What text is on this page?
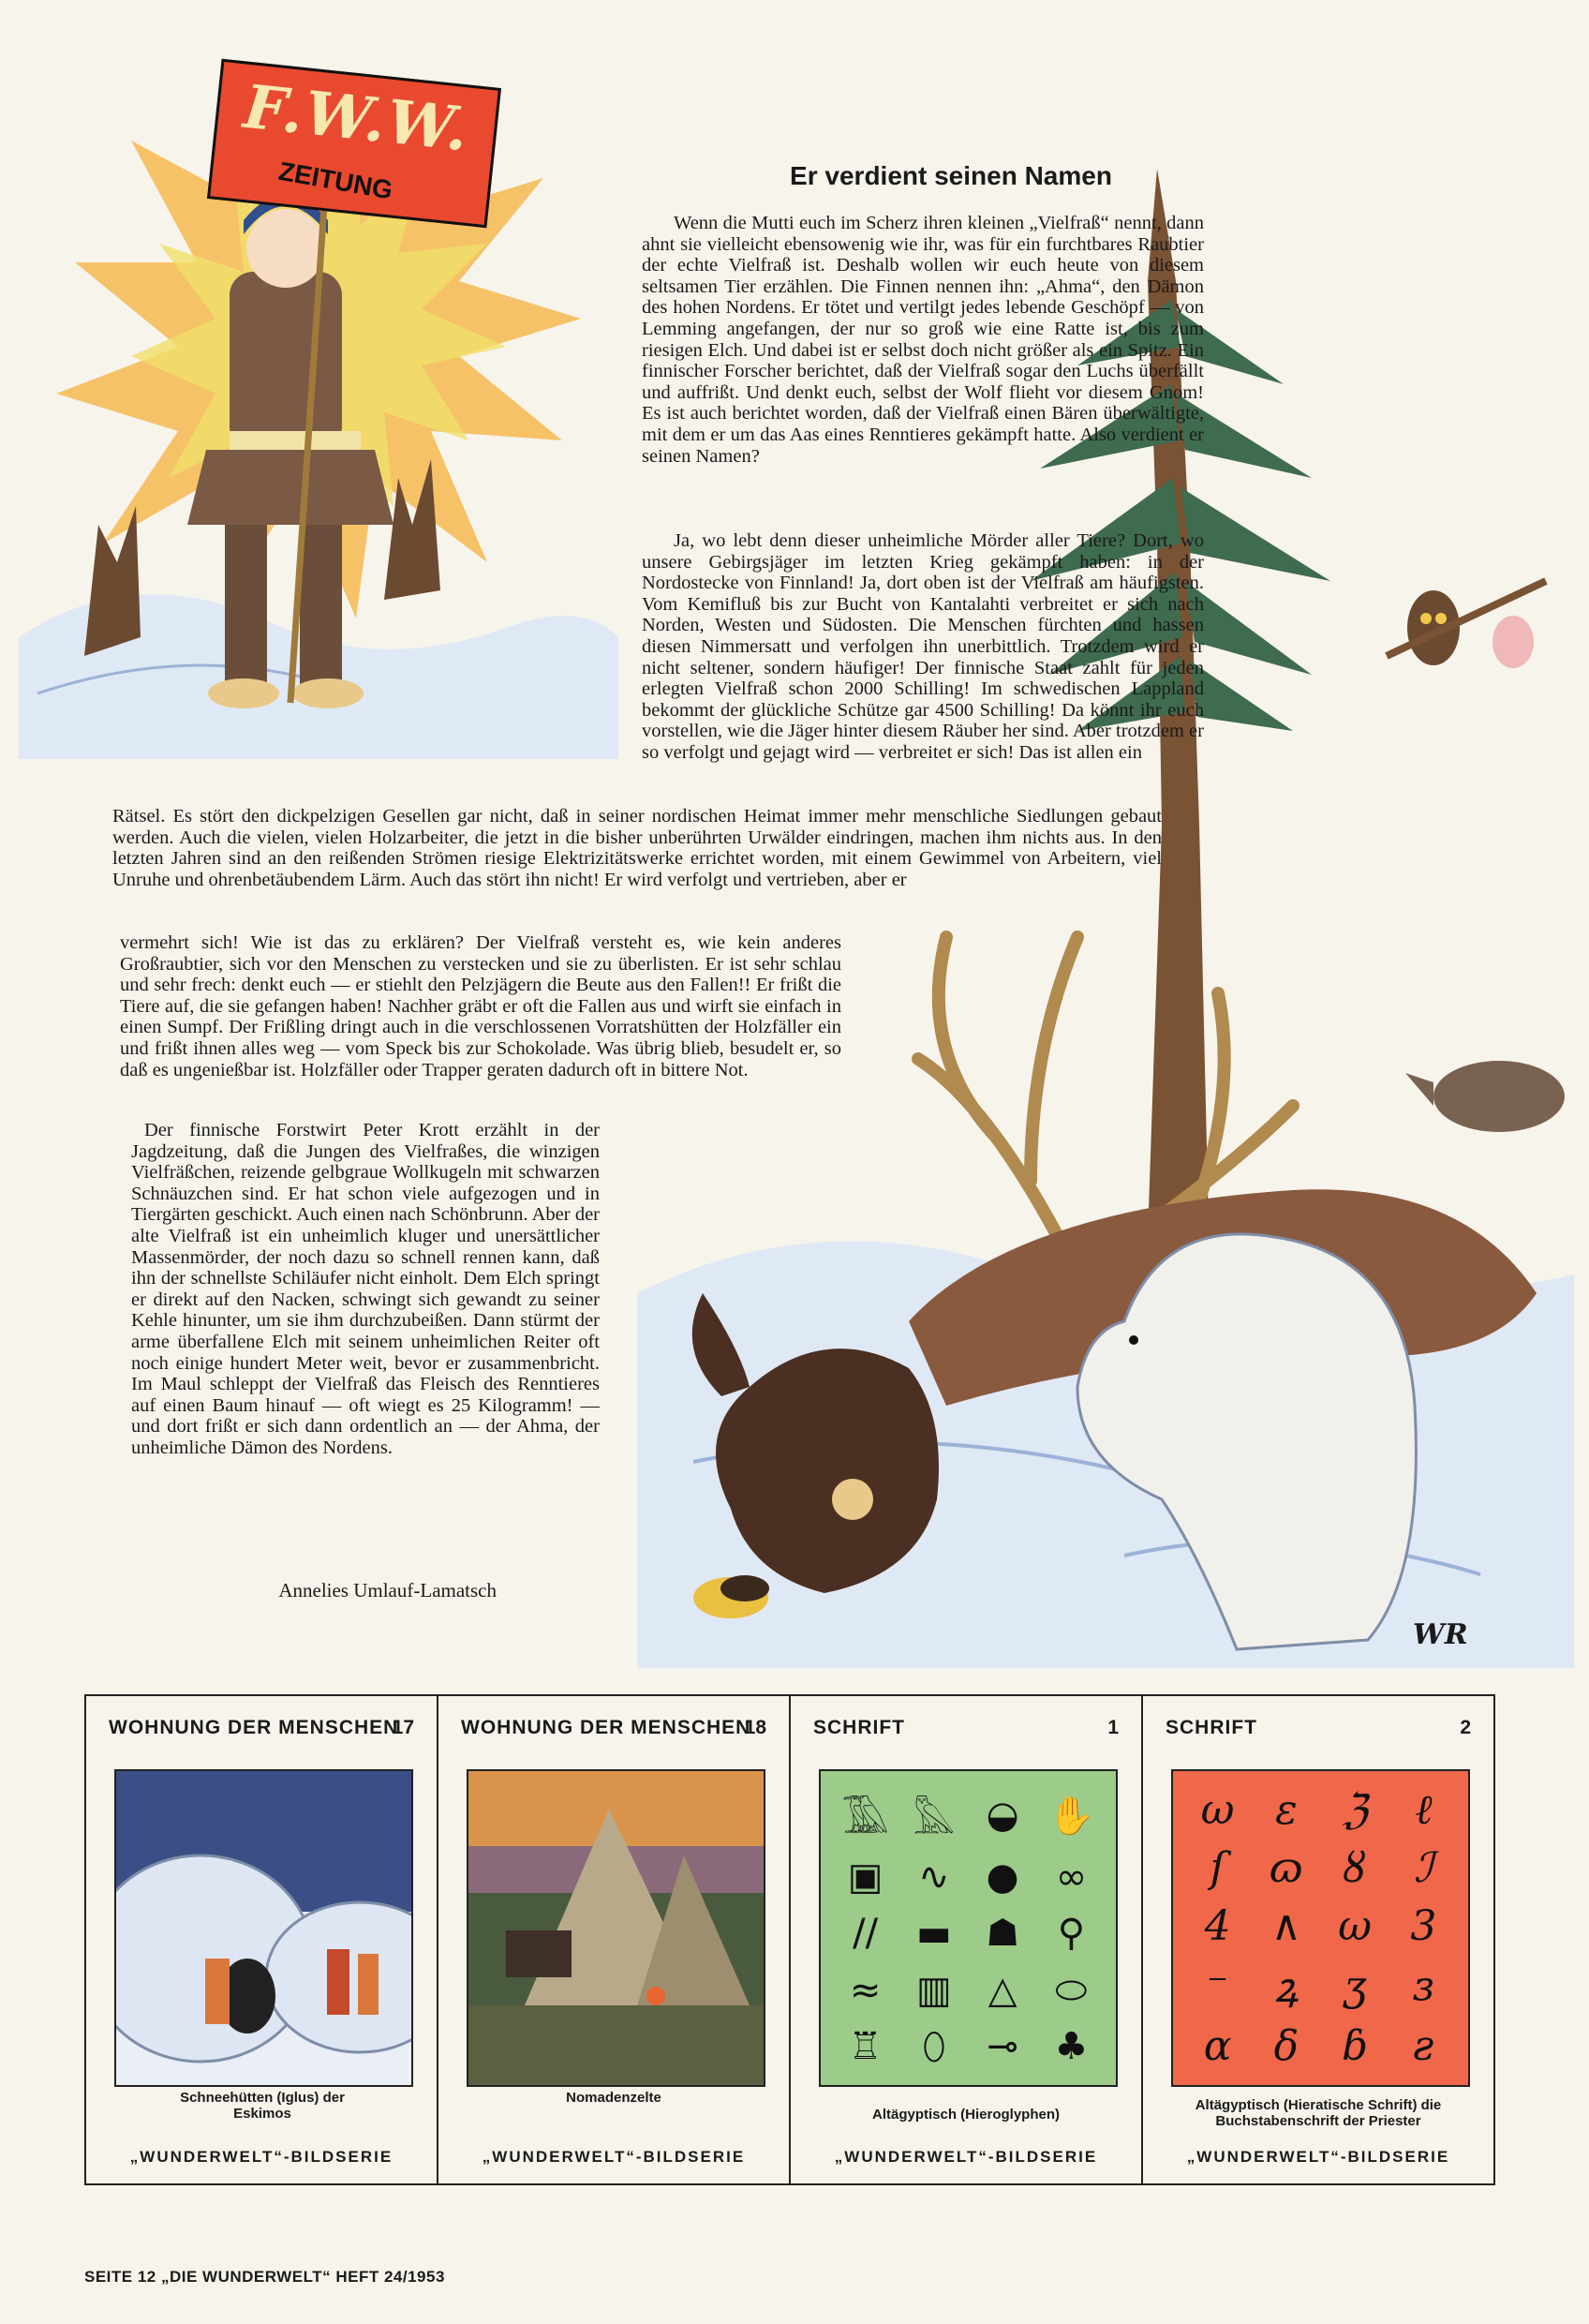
F.W.W.
ZEITUNG
WR
Er verdient seinen Namen

Wenn die Mutti euch im Scherz ihren kleinen „Vielfraß“ nennt, dann ahnt sie vielleicht ebensowenig wie ihr, was für ein furchtbares Raubtier der echte Vielfraß ist. Deshalb wollen wir euch heute von diesem seltsamen Tier erzählen. Die Finnen nennen ihn: „Ahma“, den Dämon des hohen Nordens. Er tötet und vertilgt jedes lebende Geschöpf — von Lemming angefangen, der nur so groß wie eine Ratte ist, bis zum riesigen Elch. Und dabei ist er selbst doch nicht größer als ein Spitz. Ein finnischer Forscher berichtet, daß der Vielfraß sogar den Luchs überfällt und auffrißt. Und denkt euch, selbst der Wolf flieht vor diesem Gnom! Es ist auch berichtet worden, daß der Vielfraß einen Bären überwältigte, mit dem er um das Aas eines Renntieres gekämpft hatte. Also verdient er seinen Namen?

Ja, wo lebt denn dieser unheimliche Mörder aller Tiere? Dort, wo unsere Gebirgsjäger im letzten Krieg gekämpft haben: in der Nordostecke von Finnland! Ja, dort oben ist der Vielfraß am häufigsten. Vom Kemifluß bis zur Bucht von Kantalahti verbreitet er sich nach Norden, Westen und Südosten. Die Menschen fürchten und hassen diesen Nimmersatt und verfolgen ihn unerbittlich. Trotzdem wird er nicht seltener, sondern häufiger! Der finnische Staat zahlt für jeden erlegten Vielfraß schon 2000 Schilling! Im schwedischen Lappland bekommt der glückliche Schütze gar 4500 Schilling! Da könnt ihr euch vorstellen, wie die Jäger hinter diesem Räuber her sind. Aber trotzdem er so verfolgt und gejagt wird — verbreitet er sich! Das ist allen ein

Rätsel. Es stört den dickpelzigen Gesellen gar nicht, daß in seiner nordischen Heimat immer mehr menschliche Siedlungen gebaut werden. Auch die vielen, vielen Holzarbeiter, die jetzt in die bisher unberührten Urwälder eindringen, machen ihm nichts aus. In den letzten Jahren sind an den reißenden Strömen riesige Elektrizitätswerke errichtet worden, mit einem Gewimmel von Arbeitern, viel Unruhe und ohrenbetäubendem Lärm. Auch das stört ihn nicht! Er wird verfolgt und vertrieben, aber er

vermehrt sich! Wie ist das zu erklären? Der Vielfraß versteht es, wie kein anderes Großraubtier, sich vor den Menschen zu verstecken und sie zu überlisten. Er ist sehr schlau und sehr frech: denkt euch — er stiehlt den Pelzjägern die Beute aus den Fallen!! Er frißt die Tiere auf, die sie gefangen haben! Nachher gräbt er oft die Fallen aus und wirft sie einfach in einen Sumpf. Der Frißling dringt auch in die verschlossenen Vorratshütten der Holzfäller ein und frißt ihnen alles weg — vom Speck bis zur Schokolade. Was übrig blieb, besudelt er, so daß es ungenießbar ist. Holzfäller oder Trapper geraten dadurch oft in bittere Not.

Der finnische Forstwirt Peter Krott erzählt in der Jagdzeitung, daß die Jungen des Vielfraßes, die winzigen Vielfräßchen, reizende gelbgraue Wollkugeln mit schwarzen Schnäuzchen sind. Er hat schon viele aufgezogen und in Tiergärten geschickt. Auch einen nach Schönbrunn. Aber der alte Vielfraß ist ein unheimlich kluger und unersättlicher Massenmörder, der noch dazu so schnell rennen kann, daß ihn der schnellste Schiläufer nicht einholt. Dem Elch springt er direkt auf den Nacken, schwingt sich gewandt zu seiner Kehle hinunter, um sie ihm durchzubeißen. Dann stürmt der arme überfallene Elch mit seinem unheimlichen Reiter oft noch einige hundert Meter weit, bevor er zusammenbricht. Im Maul schleppt der Vielfraß das Fleisch des Renntieres auf einen Baum hinauf — oft wiegt es 25 Kilogramm! — und dort frißt er sich dann ordentlich an — der Ahma, der unheimliche Dämon des Nordens.

Annelies Umlauf-Lamatsch
WOHNUNG DER MENSCHEN
17
Schneehütten (Iglus) der Eskimos
„WUNDERWELT“-BILDSERIE
WOHNUNG DER MENSCHEN
18
Nomadenzelte
„WUNDERWELT“-BILDSERIE
SCHRIFT	1
𓅀 𓅓 ◒ ✋
▣ ∿ ● ∞
// ▬ ☗ ⚲
≈ ▥ △ ⬭
♖ ⬯ ⊸ ♣
Altägyptisch (Hieroglyphen)
„WUNDERWELT“-BILDSERIE
SCHRIFT	2
ω ɛ ℨ ℓ
ſ ɷ ȣ ℐ
4 ∧ ω 3
⁻ ꝝ ʒ ɜ
ɑ δ ɓ ƨ
Altägyptisch (Hieratische Schrift) die Buchstabenschrift der Priester
„WUNDERWELT“-BILDSERIE
SEITE 12 „DIE WUNDERWELT“ HEFT 24/1953
